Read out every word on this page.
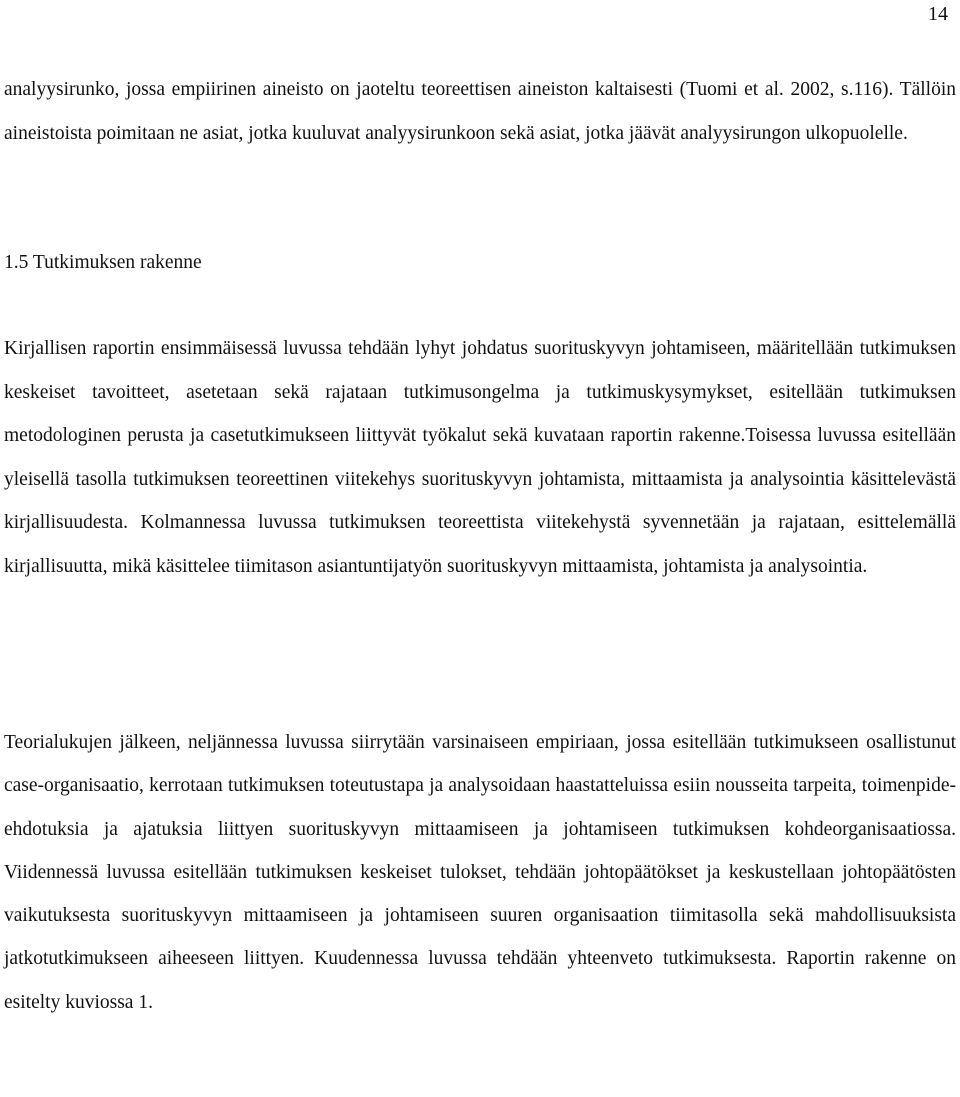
14

analyysirunko, jossa empiirinen aineisto on jaoteltu teoreettisen aineiston kaltaisesti (Tuomi et al. 2002, s.116). Tällöin aineistoista poimitaan ne asiat, jotka kuuluvat analyysirunkoon sekä asiat, jotka jäävät analyysirungon ulkopuolelle.

1.5 Tutkimuksen rakenne

Kirjallisen raportin ensimmäisessä luvussa tehdään lyhyt johdatus suorituskyvyn johtamiseen, määritellään tutkimuksen keskeiset tavoitteet, asetetaan sekä rajataan tutkimusongelma ja tutkimuskysymykset, esitellään tutkimuksen metodologinen perusta ja casetutkimukseen liittyvät työkalut sekä kuvataan raportin rakenne.Toisessa luvussa esitellään yleisellä tasolla tutkimuksen teoreettinen viitekehys suorituskyvyn johtamista, mittaamista ja analysointia käsittelevästä kirjallisuudesta. Kolmannessa luvussa tutkimuksen teoreettista viitekehystä syvennetään ja rajataan, esittelemällä kirjallisuutta, mikä käsittelee tiimitason asiantuntijatyön suorituskyvyn mittaamista, johtamista ja analysointia.

Teorialukujen jälkeen, neljännessa luvussa siirrytään varsinaiseen empiriaan, jossa esitellään tutkimukseen osallistunut case-organisaatio, kerrotaan tutkimuksen toteutustapa ja analysoidaan haastatteluissa esiin nousseita tarpeita, toimenpide-ehdotuksia ja ajatuksia liittyen suorituskyvyn mittaamiseen ja johtamiseen tutkimuksen kohdeorganisaatiossa. Viidennessä luvussa esitellään tutkimuksen keskeiset tulokset, tehdään johtopäätökset ja keskustellaan johtopäätösten vaikutuksesta suorituskyvyn mittaamiseen ja johtamiseen suuren organisaation tiimitasolla sekä mahdollisuuksista jatkotutkimukseen aiheeseen liittyen. Kuudennessa luvussa tehdään yhteenveto tutkimuksesta. Raportin rakenne on esitelty kuviossa 1.
